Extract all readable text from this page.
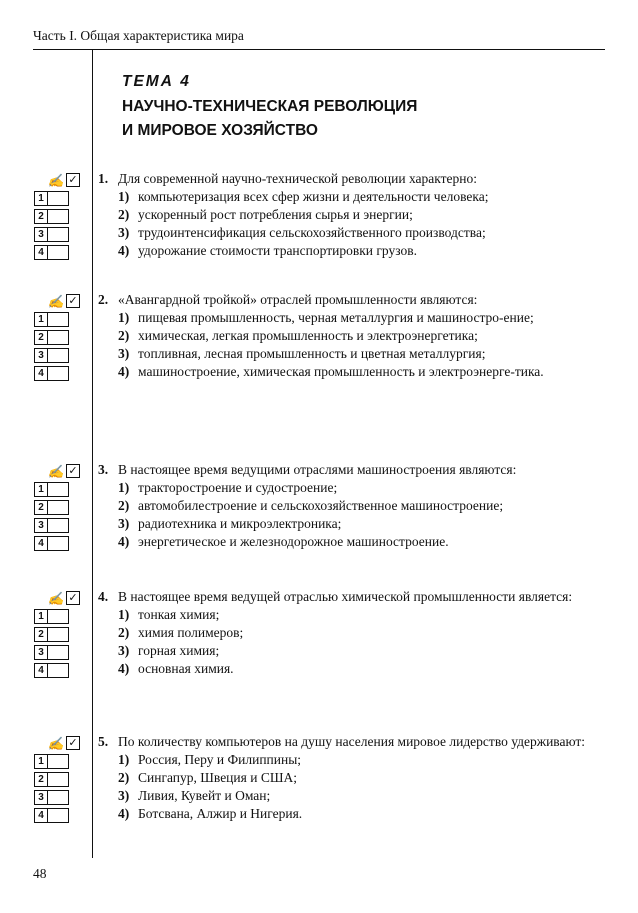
Часть I. Общая характеристика мира
ТЕМА 4
НАУЧНО-ТЕХНИЧЕСКАЯ РЕВОЛЮЦИЯ
И МИРОВОЕ ХОЗЯЙСТВО
✍ ✓
1
2
3
4
1. Для современной научно-технической революции характерно:
1) компьютеризация всех сфер жизни и деятельности человека;
2) ускоренный рост потребления сырья и энергии;
3) трудоинтенсификация сельскохозяйственного производства;
4) удорожание стоимости транспортировки грузов.
✍ ✓
1
2
3
4
2. «Авангардной тройкой» отраслей промышленности являются:
1) пищевая промышленность, черная металлургия и машиностро-ение;
2) химическая, легкая промышленность и электроэнергетика;
3) топливная, лесная промышленность и цветная металлургия;
4) машиностроение, химическая промышленность и электроэнерге-тика.
✍ ✓
1
2
3
4
3. В настоящее время ведущими отраслями машиностроения являются:
1) тракторостроение и судостроение;
2) автомобилестроение и сельскохозяйственное машиностроение;
3) радиотехника и микроэлектроника;
4) энергетическое и железнодорожное машиностроение.
✍ ✓
1
2
3
4
4. В настоящее время ведущей отраслью химической промышленности является:
1) тонкая химия;
2) химия полимеров;
3) горная химия;
4) основная химия.
✍ ✓
1
2
3
4
5. По количеству компьютеров на душу населения мировое лидерство удерживают:
1) Россия, Перу и Филиппины;
2) Сингапур, Швеция и США;
3) Ливия, Кувейт и Оман;
4) Ботсвана, Алжир и Нигерия.
48
